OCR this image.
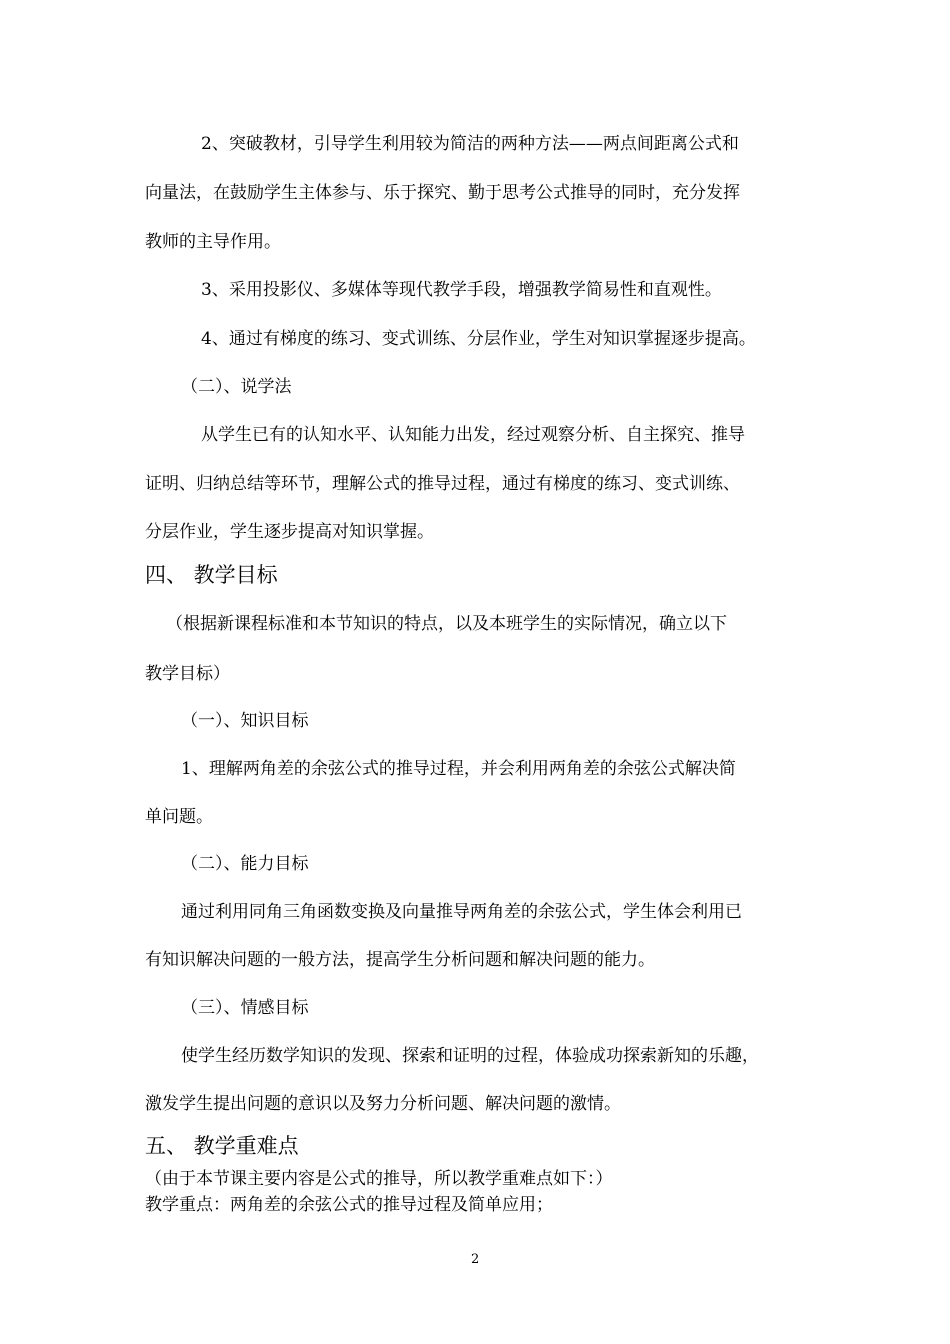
2、突破教材，引导学生利用较为简洁的两种方法——两点间距离公式和
向量法，在鼓励学生主体参与、乐于探究、勤于思考公式推导的同时，充分发挥
教师的主导作用。
3、采用投影仪、多媒体等现代教学手段，增强教学简易性和直观性。
4、通过有梯度的练习、变式训练、分层作业，学生对知识掌握逐步提高。
（二）、说学法
从学生已有的认知水平、认知能力出发，经过观察分析、自主探究、推导
证明、归纳总结等环节，理解公式的推导过程，通过有梯度的练习、变式训练、
分层作业，学生逐步提高对知识掌握。
四、 教学目标
（根据新课程标准和本节知识的特点，以及本班学生的实际情况，确立以下
教学目标）
（一）、知识目标
1、理解两角差的余弦公式的推导过程，并会利用两角差的余弦公式解决简
单问题。
（二）、能力目标
通过利用同角三角函数变换及向量推导两角差的余弦公式，学生体会利用已
有知识解决问题的一般方法，提高学生分析问题和解决问题的能力。
（三）、情感目标
使学生经历数学知识的发现、探索和证明的过程，体验成功探索新知的乐趣，
激发学生提出问题的意识以及努力分析问题、解决问题的激情。
五、 教学重难点
（由于本节课主要内容是公式的推导，所以教学重难点如下：）
教学重点：两角差的余弦公式的推导过程及简单应用；
2
